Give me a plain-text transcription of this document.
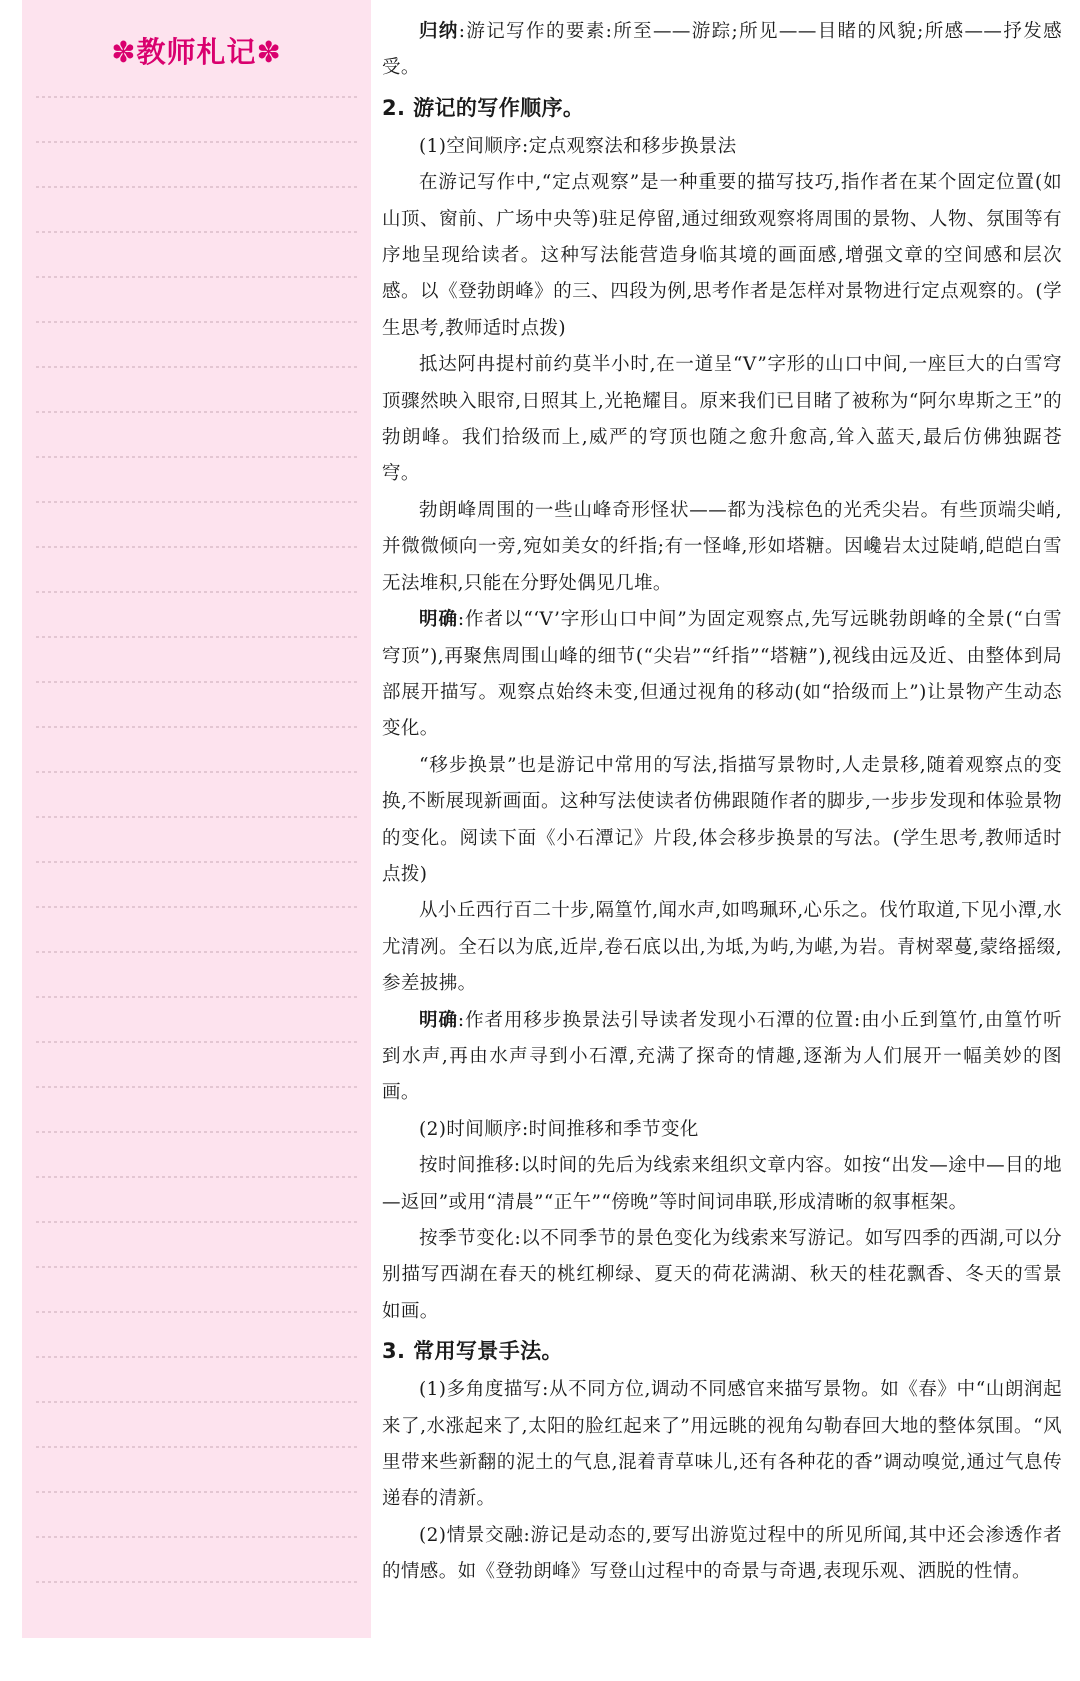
✽教师札记✽

归纳:游记写作的要素:所至——游踪;所见——目睹的风貌;所感——抒发感受。

2. 游记的写作顺序。

(1)空间顺序:定点观察法和移步换景法

在游记写作中,“定点观察”是一种重要的描写技巧,指作者在某个固定位置(如山顶、窗前、广场中央等)驻足停留,通过细致观察将周围的景物、人物、氛围等有序地呈现给读者。这种写法能营造身临其境的画面感,增强文章的空间感和层次感。以《登勃朗峰》的三、四段为例,思考作者是怎样对景物进行定点观察的。(学生思考,教师适时点拨)

抵达阿冉提村前约莫半小时,在一道呈“V”字形的山口中间,一座巨大的白雪穹顶骤然映入眼帘,日照其上,光艳耀目。原来我们已目睹了被称为“阿尔卑斯之王”的勃朗峰。我们拾级而上,威严的穹顶也随之愈升愈高,耸入蓝天,最后仿佛独踞苍穹。

勃朗峰周围的一些山峰奇形怪状——都为浅棕色的光秃尖岩。有些顶端尖峭,并微微倾向一旁,宛如美女的纤指;有一怪峰,形如塔糖。因巉岩太过陡峭,皑皑白雪无法堆积,只能在分野处偶见几堆。

明确:作者以“‘V’字形山口中间”为固定观察点,先写远眺勃朗峰的全景(“白雪穹顶”),再聚焦周围山峰的细节(“尖岩”“纤指”“塔糖”),视线由远及近、由整体到局部展开描写。观察点始终未变,但通过视角的移动(如“拾级而上”)让景物产生动态变化。

“移步换景”也是游记中常用的写法,指描写景物时,人走景移,随着观察点的变换,不断展现新画面。这种写法使读者仿佛跟随作者的脚步,一步步发现和体验景物的变化。阅读下面《小石潭记》片段,体会移步换景的写法。(学生思考,教师适时点拨)

从小丘西行百二十步,隔篁竹,闻水声,如鸣珮环,心乐之。伐竹取道,下见小潭,水尤清冽。全石以为底,近岸,卷石底以出,为坻,为屿,为嵁,为岩。青树翠蔓,蒙络摇缀,参差披拂。

明确:作者用移步换景法引导读者发现小石潭的位置:由小丘到篁竹,由篁竹听到水声,再由水声寻到小石潭,充满了探奇的情趣,逐渐为人们展开一幅美妙的图画。

(2)时间顺序:时间推移和季节变化

按时间推移:以时间的先后为线索来组织文章内容。如按“出发—途中—目的地—返回”或用“清晨”“正午”“傍晚”等时间词串联,形成清晰的叙事框架。

按季节变化:以不同季节的景色变化为线索来写游记。如写四季的西湖,可以分别描写西湖在春天的桃红柳绿、夏天的荷花满湖、秋天的桂花飘香、冬天的雪景如画。

3. 常用写景手法。

(1)多角度描写:从不同方位,调动不同感官来描写景物。如《春》中“山朗润起来了,水涨起来了,太阳的脸红起来了”用远眺的视角勾勒春回大地的整体氛围。“风里带来些新翻的泥土的气息,混着青草味儿,还有各种花的香”调动嗅觉,通过气息传递春的清新。

(2)情景交融:游记是动态的,要写出游览过程中的所见所闻,其中还会渗透作者的情感。如《登勃朗峰》写登山过程中的奇景与奇遇,表现乐观、洒脱的性情。

85
